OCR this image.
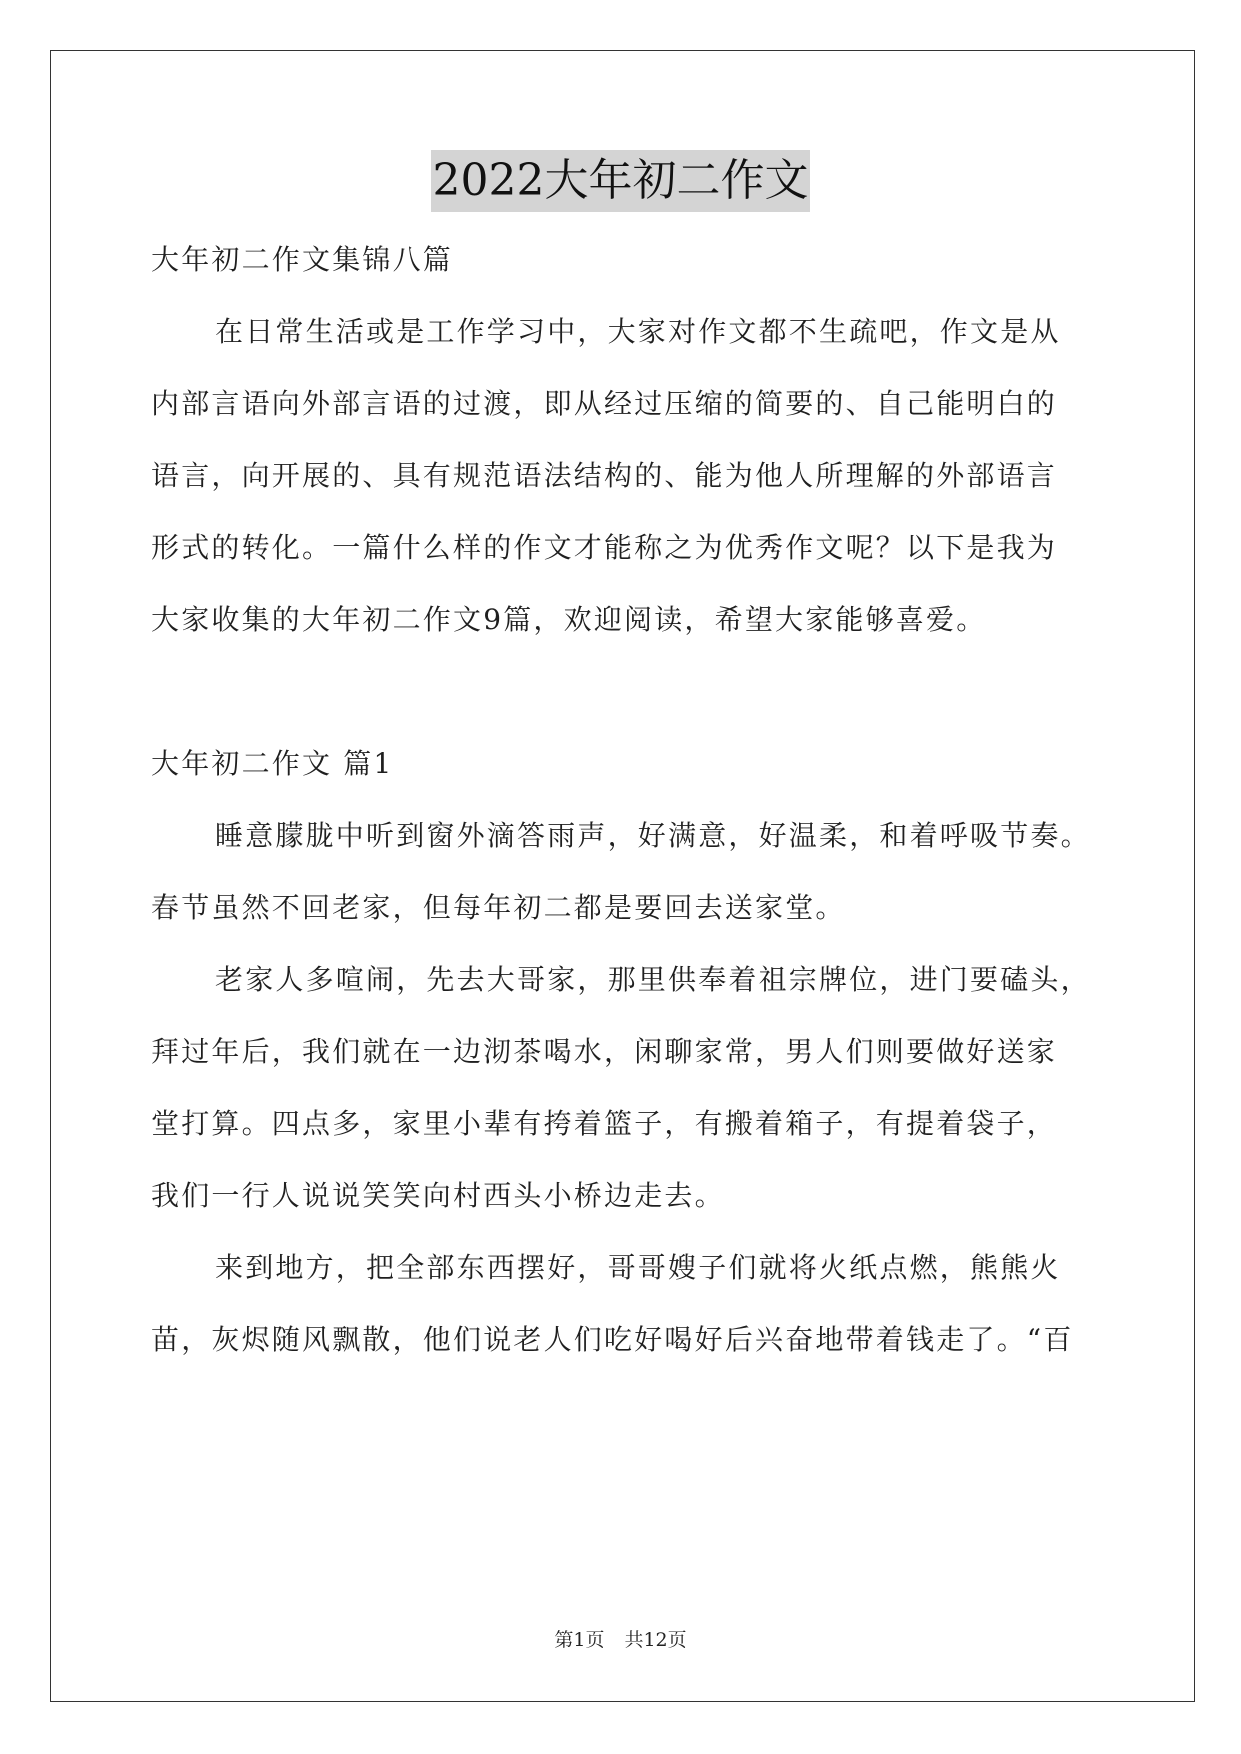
2022大年初二作文
大年初二作文集锦八篇
在日常生活或是工作学习中，大家对作文都不生疏吧，作文是从
内部言语向外部言语的过渡，即从经过压缩的简要的、自己能明白的
语言，向开展的、具有规范语法结构的、能为他人所理解的外部语言
形式的转化。一篇什么样的作文才能称之为优秀作文呢？以下是我为
大家收集的大年初二作文9篇，欢迎阅读，希望大家能够喜爱。
大年初二作文 篇1
睡意朦胧中听到窗外滴答雨声，好满意，好温柔，和着呼吸节奏。
春节虽然不回老家，但每年初二都是要回去送家堂。
老家人多喧闹，先去大哥家，那里供奉着祖宗牌位，进门要磕头，
拜过年后，我们就在一边沏茶喝水，闲聊家常，男人们则要做好送家
堂打算。四点多，家里小辈有挎着篮子，有搬着箱子，有提着袋子，
我们一行人说说笑笑向村西头小桥边走去。
来到地方，把全部东西摆好，哥哥嫂子们就将火纸点燃，熊熊火
苗，灰烬随风飘散，他们说老人们吃好喝好后兴奋地带着钱走了。“百
第1页 共12页
